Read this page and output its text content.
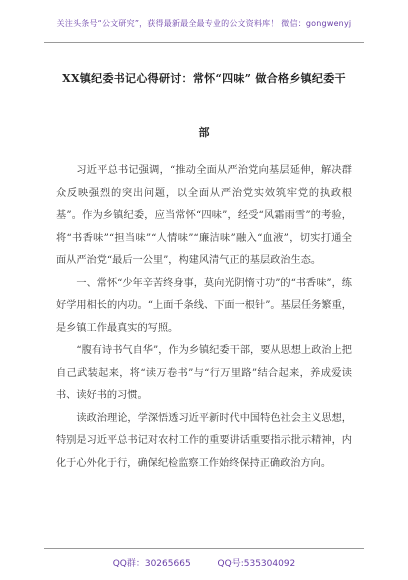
关注头条号“公文研究”，获得最新最全最专业的公文资料库！ 微信：gongwenyj
XX镇纪委书记心得研讨：常怀“四味” 做合格乡镇纪委干
部

习近平总书记强调，“推动全面从严治党向基层延伸，解决群众反映强烈的突出问题，以全面从严治党实效筑牢党的执政根基”。作为乡镇纪委，应当常怀“四味”，经受“风霜雨雪”的考验，将“书香味”“担当味”“人情味”“廉洁味”融入“血液”，切实打通全面从严治党“最后一公里”，构建风清气正的基层政治生态。

一、常怀“少年辛苦终身事，莫向光阴惰寸功”的“书香味”，练好学用相长的内功。“上面千条线、下面一根针”。基层任务繁重，是乡镇工作最真实的写照。

“腹有诗书气自华”，作为乡镇纪委干部，要从思想上政治上把自己武装起来，将“读万卷书”与“行万里路”结合起来，养成爱读书、读好书的习惯。

读政治理论，学深悟透习近平新时代中国特色社会主义思想，特别是习近平总书记对农村工作的重要讲话重要指示批示精神，内化于心外化于行，确保纪检监察工作始终保持正确政治方向。

QQ群：30265665	QQ号:535304092
